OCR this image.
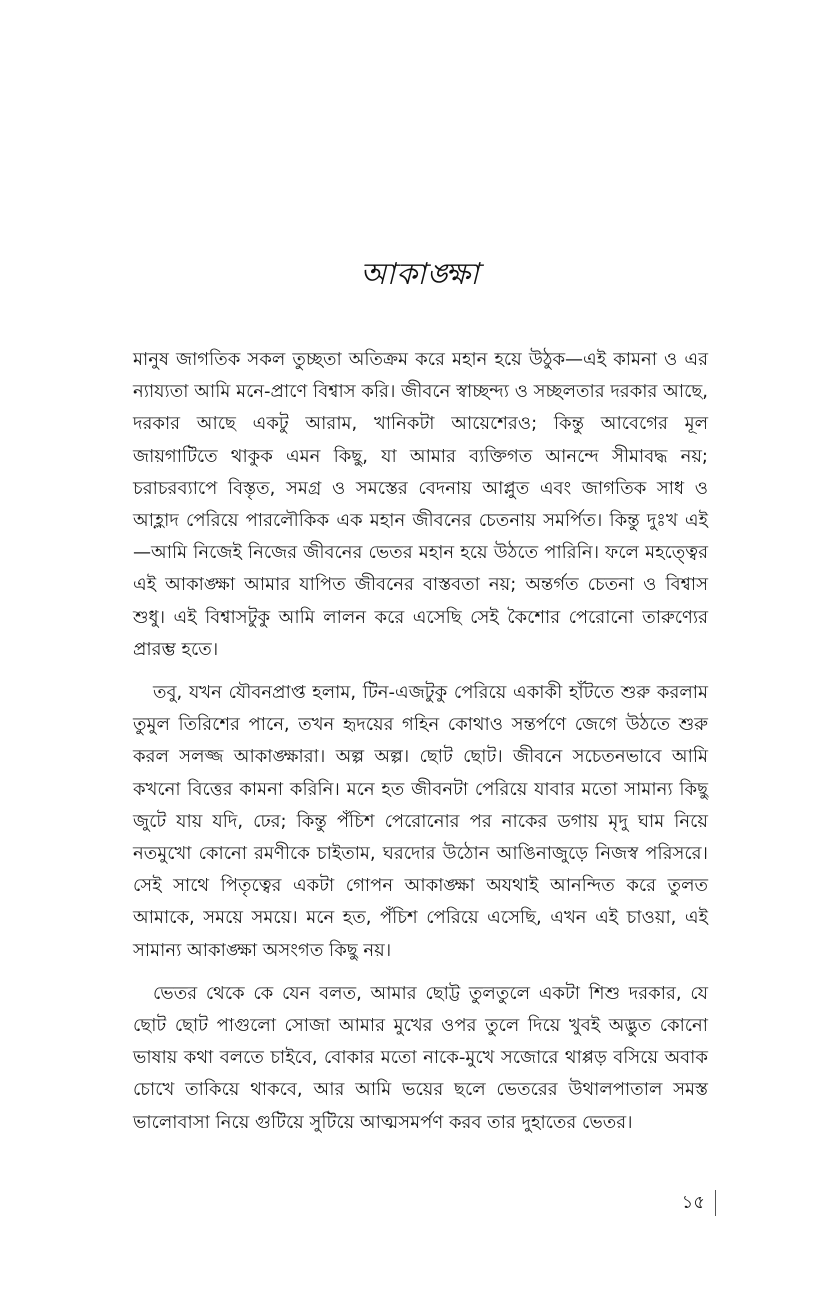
আকাঙ্ক্ষা

মানুষ জাগতিক সকল তুচ্ছতা অতিক্রম করে মহান হয়ে উঠুক—এই কামনা ও এর ন্যায্যতা আমি মনে-প্রাণে বিশ্বাস করি। জীবনে স্বাচ্ছন্দ্য ও সচ্ছলতার দরকার আছে, দরকার আছে একটু আরাম, খানিকটা আয়েশেরও; কিন্তু আবেগের মূল জায়গাটিতে থাকুক এমন কিছু, যা আমার ব্যক্তিগত আনন্দে সীমাবদ্ধ নয়; চরাচরব্যাপে বিস্তৃত, সমগ্র ও সমস্তের বেদনায় আপ্লুত এবং জাগতিক সাধ ও আহ্লাদ পেরিয়ে পারলৌকিক এক মহান জীবনের চেতনায় সমর্পিত। কিন্তু দুঃখ এই—আমি নিজেই নিজের জীবনের ভেতর মহান হয়ে উঠতে পারিনি। ফলে মহত্ত্বের এই আকাঙ্ক্ষা আমার যাপিত জীবনের বাস্তবতা নয়; অন্তর্গত চেতনা ও বিশ্বাস শুধু। এই বিশ্বাসটুকু আমি লালন করে এসেছি সেই কৈশোর পেরোনো তারুণ্যের প্রারম্ভ হতে।

তবু, যখন যৌবনপ্রাপ্ত হলাম, টিন-এজটুকু পেরিয়ে একাকী হাঁটতে শুরু করলাম তুমুল তিরিশের পানে, তখন হৃদয়ের গহিন কোথাও সন্তর্পণে জেগে উঠতে শুরু করল সলজ্জ আকাঙ্ক্ষারা। অল্প অল্প। ছোট ছোট। জীবনে সচেতনভাবে আমি কখনো বিত্তের কামনা করিনি। মনে হত জীবনটা পেরিয়ে যাবার মতো সামান্য কিছু জুটে যায় যদি, ঢের; কিন্তু পঁচিশ পেরোনোর পর নাকের ডগায় মৃদু ঘাম নিয়ে নতমুখো কোনো রমণীকে চাইতাম, ঘরদোর উঠোন আঙিনাজুড়ে নিজস্ব পরিসরে। সেই সাথে পিতৃত্বের একটা গোপন আকাঙ্ক্ষা অযথাই আনন্দিত করে তুলত আমাকে, সময়ে সময়ে। মনে হত, পঁচিশ পেরিয়ে এসেছি, এখন এই চাওয়া, এই সামান্য আকাঙ্ক্ষা অসংগত কিছু নয়।

ভেতর থেকে কে যেন বলত, আমার ছোট্ট তুলতুলে একটা শিশু দরকার, যে ছোট ছোট পাগুলো সোজা আমার মুখের ওপর তুলে দিয়ে খুবই অদ্ভুত কোনো ভাষায় কথা বলতে চাইবে, বোকার মতো নাকে-মুখে সজোরে থাপ্পড় বসিয়ে অবাক চোখে তাকিয়ে থাকবে, আর আমি ভয়ের ছলে ভেতরের উথালপাতাল সমস্ত ভালোবাসা নিয়ে গুটিয়ে সুটিয়ে আত্মসমর্পণ করব তার দুহাতের ভেতর।

১৫
